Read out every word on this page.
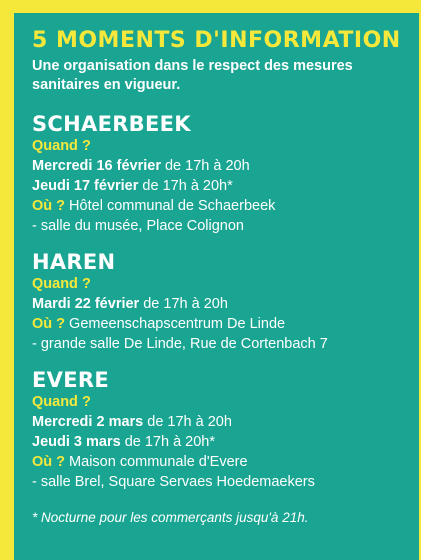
5 MOMENTS D'INFORMATION
Une organisation dans le respect des mesures
sanitaires en vigueur.
SCHAERBEEK
Quand ?
Mercredi 16 février de 17h à 20h
Jeudi 17 février de 17h à 20h*
Où ? Hôtel communal de Schaerbeek
- salle du musée, Place Colignon
HAREN
Quand ?
Mardi 22 février de 17h à 20h
Où ? Gemeenschapscentrum De Linde
- grande salle De Linde, Rue de Cortenbach 7
EVERE
Quand ?
Mercredi 2 mars de 17h à 20h
Jeudi 3 mars de 17h à 20h*
Où ? Maison communale d'Evere
- salle Brel, Square Servaes Hoedemaekers
* Nocturne pour les commerçants jusqu'à 21h.
